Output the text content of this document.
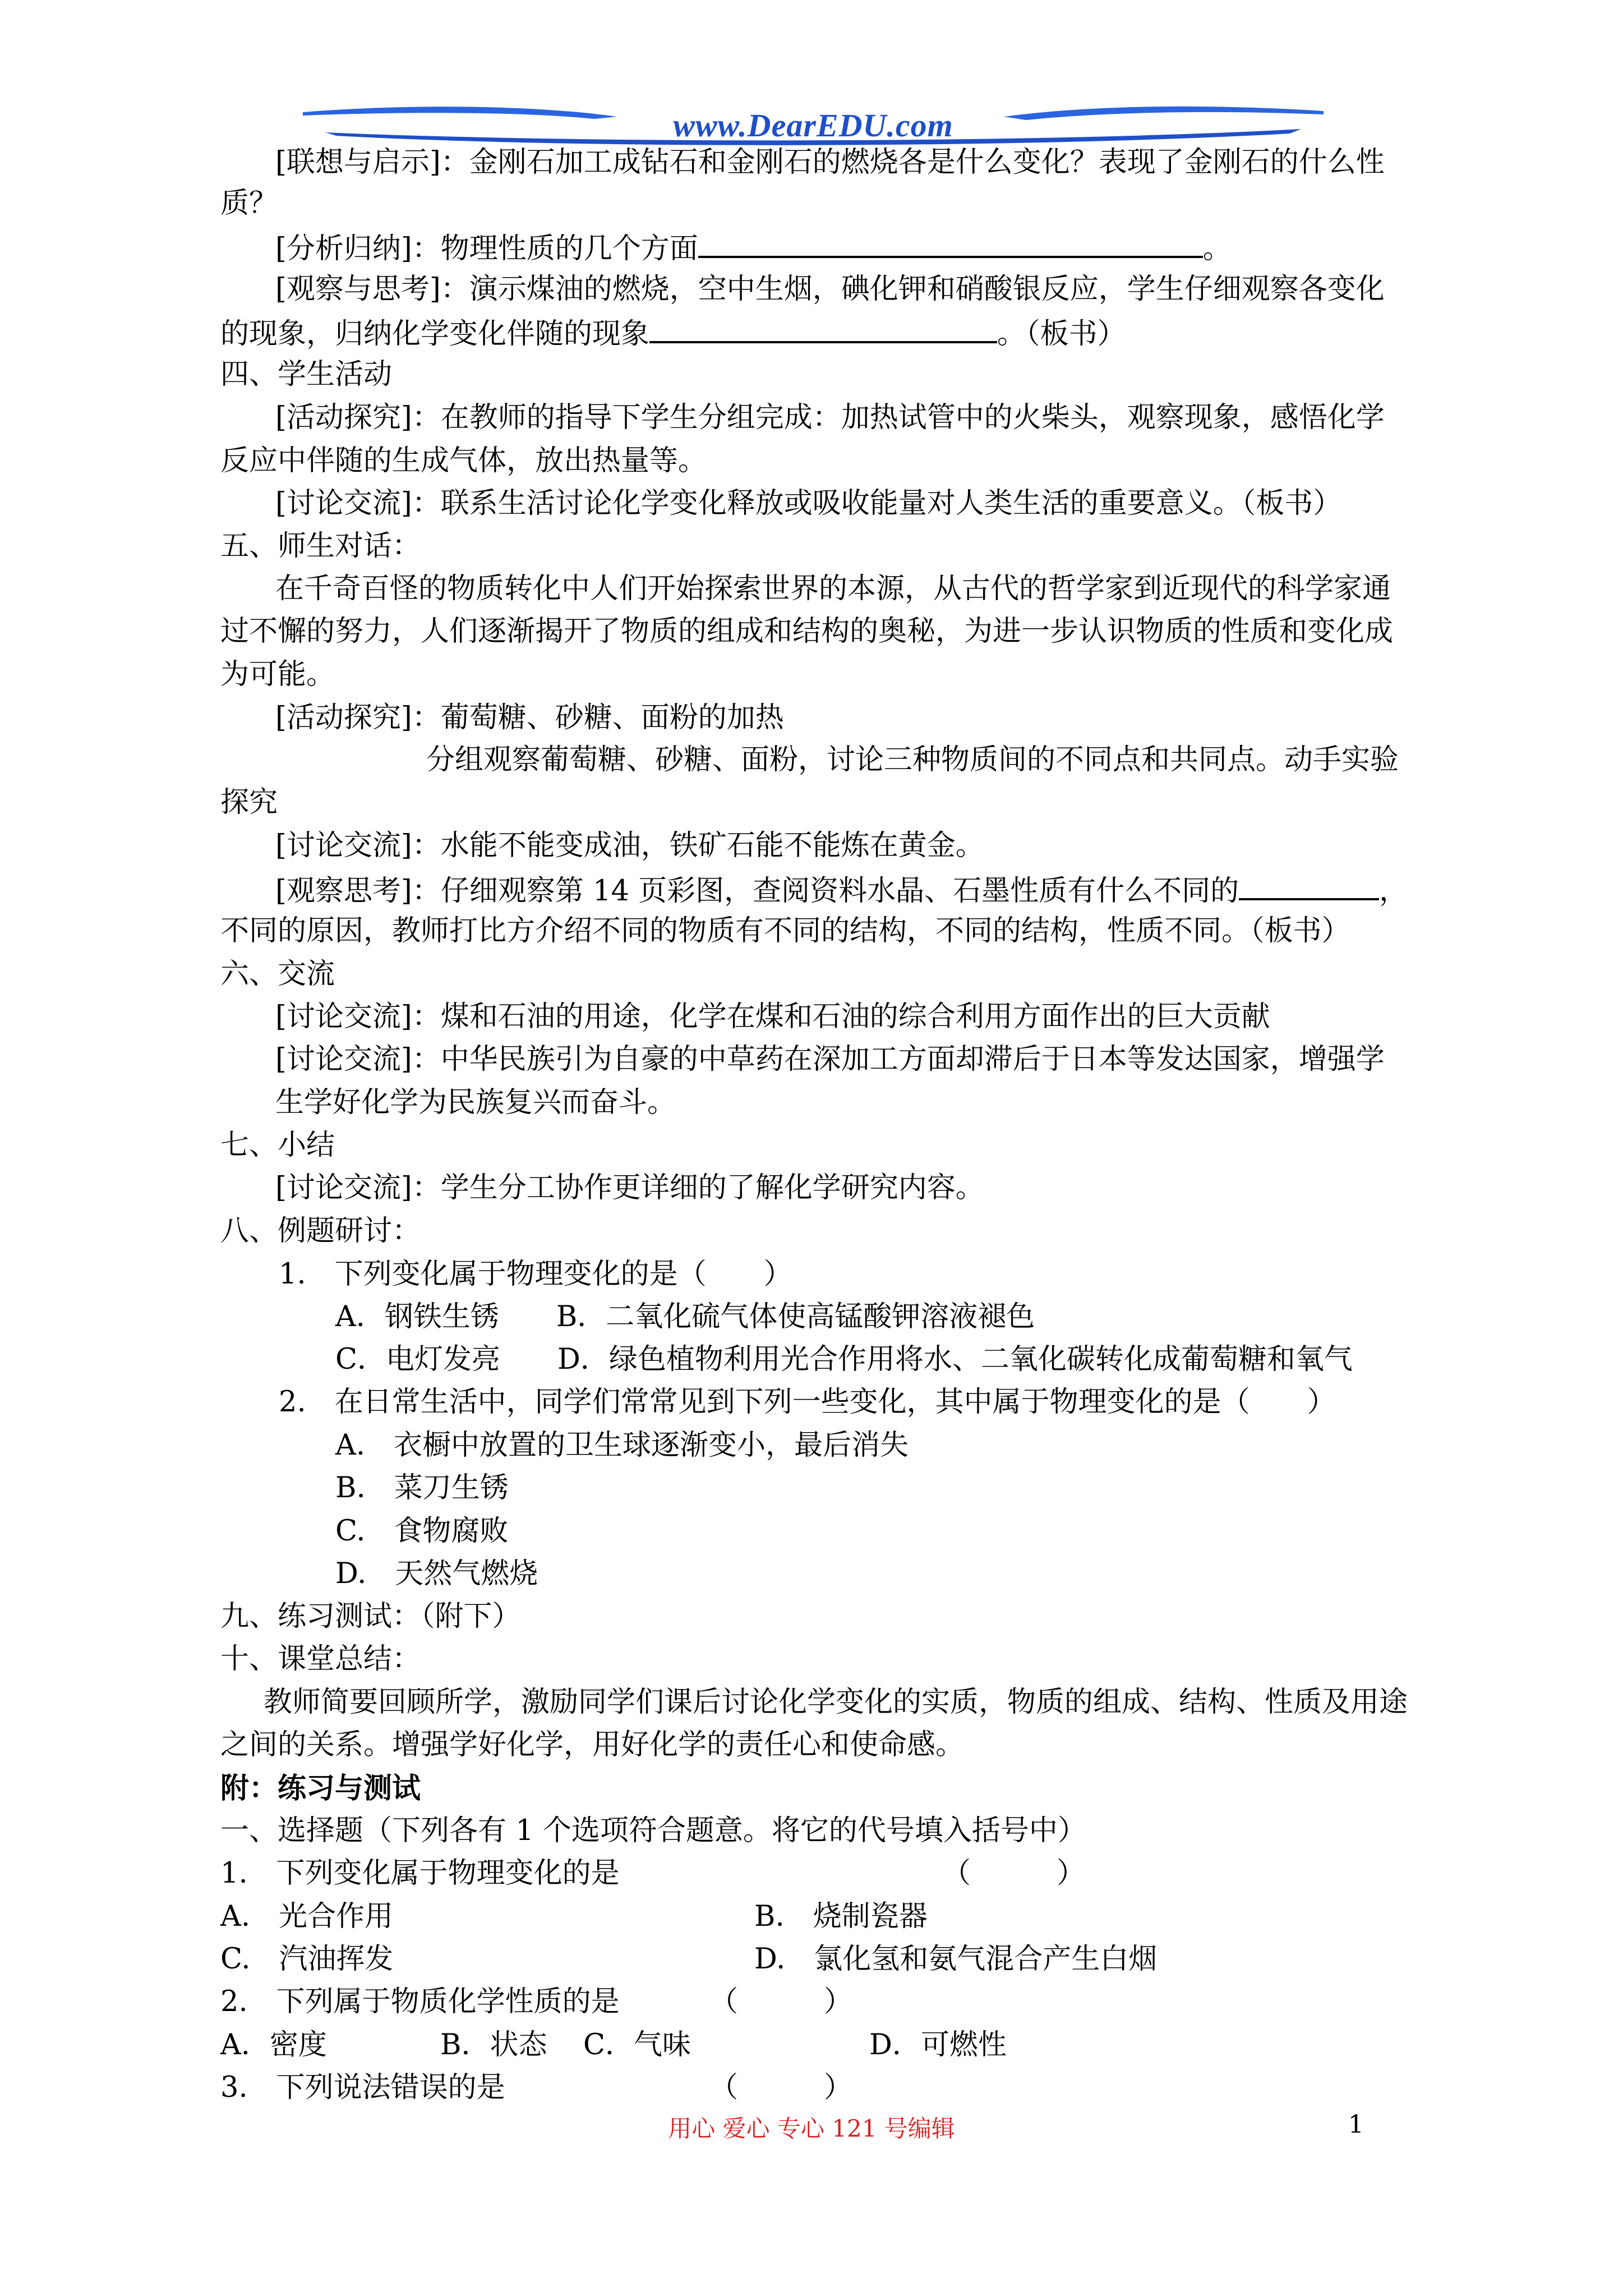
www.DearEDU.com
[联想与启示]：金刚石加工成钻石和金刚石的燃烧各是什么变化？表现了金刚石的什么性
质？
[分析归纳]：物理性质的几个方面	。
[观察与思考]：演示煤油的燃烧，空中生烟，碘化钾和硝酸银反应，学生仔细观察各变化
的现象，归纳化学变化伴随的现象	。（板书）
四、学生活动
[活动探究]：在教师的指导下学生分组完成：加热试管中的火柴头，观察现象，感悟化学
反应中伴随的生成气体，放出热量等。
[讨论交流]：联系生活讨论化学变化释放或吸收能量对人类生活的重要意义。（板书）
五、师生对话：
在千奇百怪的物质转化中人们开始探索世界的本源，从古代的哲学家到近现代的科学家通
过不懈的努力，人们逐渐揭开了物质的组成和结构的奥秘，为进一步认识物质的性质和变化成
为可能。
[活动探究]：葡萄糖、砂糖、面粉的加热
分组观察葡萄糖、砂糖、面粉，讨论三种物质间的不同点和共同点。动手实验
探究
[讨论交流]：水能不能变成油，铁矿石能不能炼在黄金。
[观察思考]：仔细观察第 14 页彩图，查阅资料水晶、石墨性质有什么不同的	，
不同的原因，教师打比方介绍不同的物质有不同的结构，不同的结构，性质不同。（板书）
六、交流
[讨论交流]：煤和石油的用途，化学在煤和石油的综合利用方面作出的巨大贡献
[讨论交流]：中华民族引为自豪的中草药在深加工方面却滞后于日本等发达国家，增强学
生学好化学为民族复兴而奋斗。
七、小结
[讨论交流]：学生分工协作更详细的了解化学研究内容。
八、例题研讨：
1.　下列变化属于物理变化的是（　　）
A．钢铁生锈　　B．二氧化硫气体使高锰酸钾溶液褪色
C．电灯发亮　　D．绿色植物利用光合作用将水、二氧化碳转化成葡萄糖和氧气
2.　在日常生活中，同学们常常见到下列一些变化，其中属于物理变化的是（　　）
A.　衣橱中放置的卫生球逐渐变小，最后消失
B.　菜刀生锈
C.　食物腐败
D.　天然气燃烧
九、练习测试：（附下）
十、课堂总结：
教师简要回顾所学，激励同学们课后讨论化学变化的实质，物质的组成、结构、性质及用途
之间的关系。增强学好化学，用好化学的责任心和使命感。
附：练习与测试
一、选择题（下列各有 1 个选项符合题意。将它的代号填入括号中）
1.　下列变化属于物理变化的是	（　　　）
A.　光合作用	B.　烧制瓷器
C.　汽油挥发	D.　氯化氢和氨气混合产生白烟
2.　下列属于物质化学性质的是	（　　　）
A．密度	B．状态 C．气味	D．可燃性
3.　下列说法错误的是	（　　　）
用心 爱心 专心 121 号编辑	1
